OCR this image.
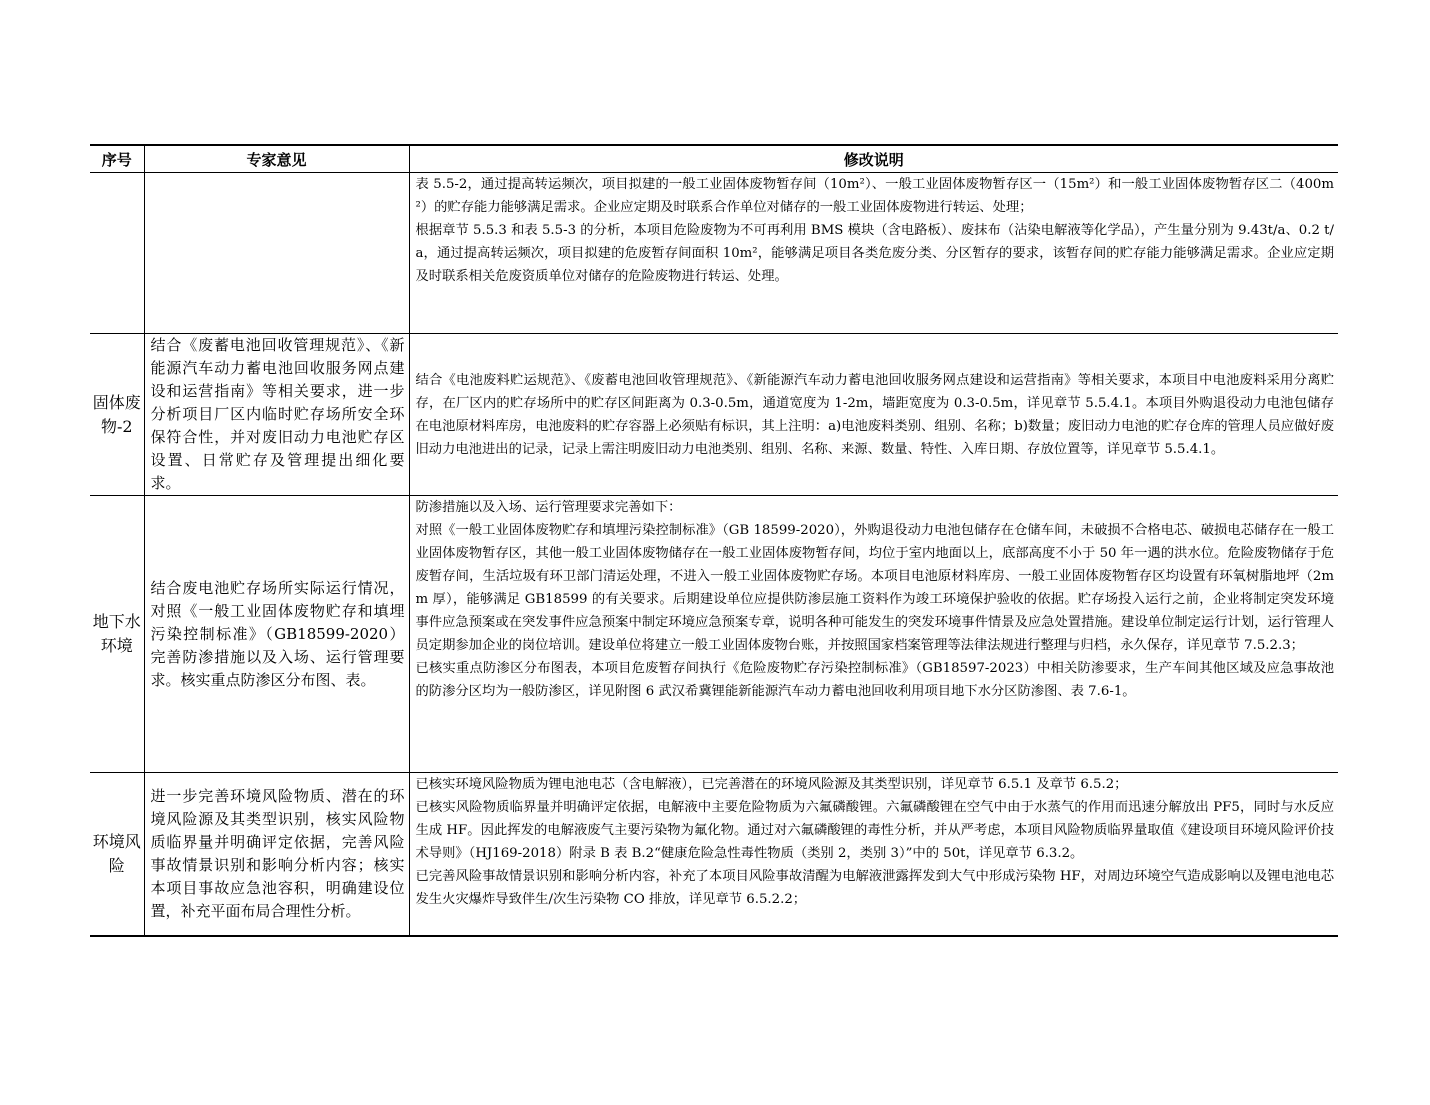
序号	专家意见	修改说明

		表 5.5-2，通过提高转运频次，项目拟建的一般工业固体废物暂存间（10m²）、一般工业固体废物暂存区一（15m²）和一般工业固体废物暂存区二（400m²）的贮存能力能够满足需求。企业应定期及时联系合作单位对储存的一般工业固体废物进行转运、处理；

根据章节 5.5.3 和表 5.5-3 的分析，本项目危险废物为不可再利用 BMS 模块（含电路板）、废抹布（沾染电解液等化学品），产生量分别为 9.43t/a、0.2 t/a，通过提高转运频次，项目拟建的危废暂存间面积 10m²，能够满足项目各类危废分类、分区暂存的要求，该暂存间的贮存能力能够满足需求。企业应定期及时联系相关危废资质单位对储存的危险废物进行转运、处理。

固体废物-2	结合《废蓄电池回收管理规范》、《新能源汽车动力蓄电池回收服务网点建设和运营指南》等相关要求，进一步分析项目厂区内临时贮存场所安全环保符合性，并对废旧动力电池贮存区设置、日常贮存及管理提出细化要求。	结合《电池废料贮运规范》、《废蓄电池回收管理规范》、《新能源汽车动力蓄电池回收服务网点建设和运营指南》等相关要求，本项目中电池废料采用分离贮存，在厂区内的贮存场所中的贮存区间距离为 0.3-0.5m，通道宽度为 1-2m，墙距宽度为 0.3-0.5m，详见章节 5.5.4.1。本项目外购退役动力电池包储存在电池原材料库房，电池废料的贮存容器上必须贴有标识，其上注明：a)电池废料类别、组别、名称；b)数量；废旧动力电池的贮存仓库的管理人员应做好废旧动力电池进出的记录，记录上需注明废旧动力电池类别、组别、名称、来源、数量、特性、入库日期、存放位置等，详见章节 5.5.4.1。

地下水环境	结合废电池贮存场所实际运行情况，对照《一般工业固体废物贮存和填埋污染控制标准》（GB18599-2020）完善防渗措施以及入场、运行管理要求。核实重点防渗区分布图、表。	防渗措施以及入场、运行管理要求完善如下：

对照《一般工业固体废物贮存和填埋污染控制标准》（GB 18599-2020），外购退役动力电池包储存在仓储车间，未破损不合格电芯、破损电芯储存在一般工业固体废物暂存区，其他一般工业固体废物储存在一般工业固体废物暂存间，均位于室内地面以上，底部高度不小于 50 年一遇的洪水位。危险废物储存于危废暂存间，生活垃圾有环卫部门清运处理，不进入一般工业固体废物贮存场。本项目电池原材料库房、一般工业固体废物暂存区均设置有环氧树脂地坪（2mm 厚），能够满足 GB18599 的有关要求。后期建设单位应提供防渗层施工资料作为竣工环境保护验收的依据。贮存场投入运行之前，企业将制定突发环境事件应急预案或在突发事件应急预案中制定环境应急预案专章，说明各种可能发生的突发环境事件情景及应急处置措施。建设单位制定运行计划，运行管理人员定期参加企业的岗位培训。建设单位将建立一般工业固体废物台账，并按照国家档案管理等法律法规进行整理与归档，永久保存，详见章节 7.5.2.3；

已核实重点防渗区分布图表，本项目危废暂存间执行《危险废物贮存污染控制标准》（GB18597-2023）中相关防渗要求，生产车间其他区域及应急事故池的防渗分区均为一般防渗区，详见附图 6 武汉希冀锂能新能源汽车动力蓄电池回收利用项目地下水分区防渗图、表 7.6-1。

环境风险	进一步完善环境风险物质、潜在的环境风险源及其类型识别，核实风险物质临界量并明确评定依据，完善风险事故情景识别和影响分析内容；核实本项目事故应急池容积，明确建设位置，补充平面布局合理性分析。	已核实环境风险物质为锂电池电芯（含电解液），已完善潜在的环境风险源及其类型识别，详见章节 6.5.1 及章节 6.5.2；

已核实风险物质临界量并明确评定依据，电解液中主要危险物质为六氟磷酸锂。六氟磷酸锂在空气中由于水蒸气的作用而迅速分解放出 PF5，同时与水反应生成 HF。因此挥发的电解液废气主要污染物为氟化物。通过对六氟磷酸锂的毒性分析，并从严考虑，本项目风险物质临界量取值《建设项目环境风险评价技术导则》（HJ169-2018）附录 B 表 B.2“健康危险急性毒性物质（类别 2，类别 3）”中的 50t，详见章节 6.3.2。

已完善风险事故情景识别和影响分析内容，补充了本项目风险事故清醒为电解液泄露挥发到大气中形成污染物 HF，对周边环境空气造成影响以及锂电池电芯发生火灾爆炸导致伴生/次生污染物 CO 排放，详见章节 6.5.2.2；
